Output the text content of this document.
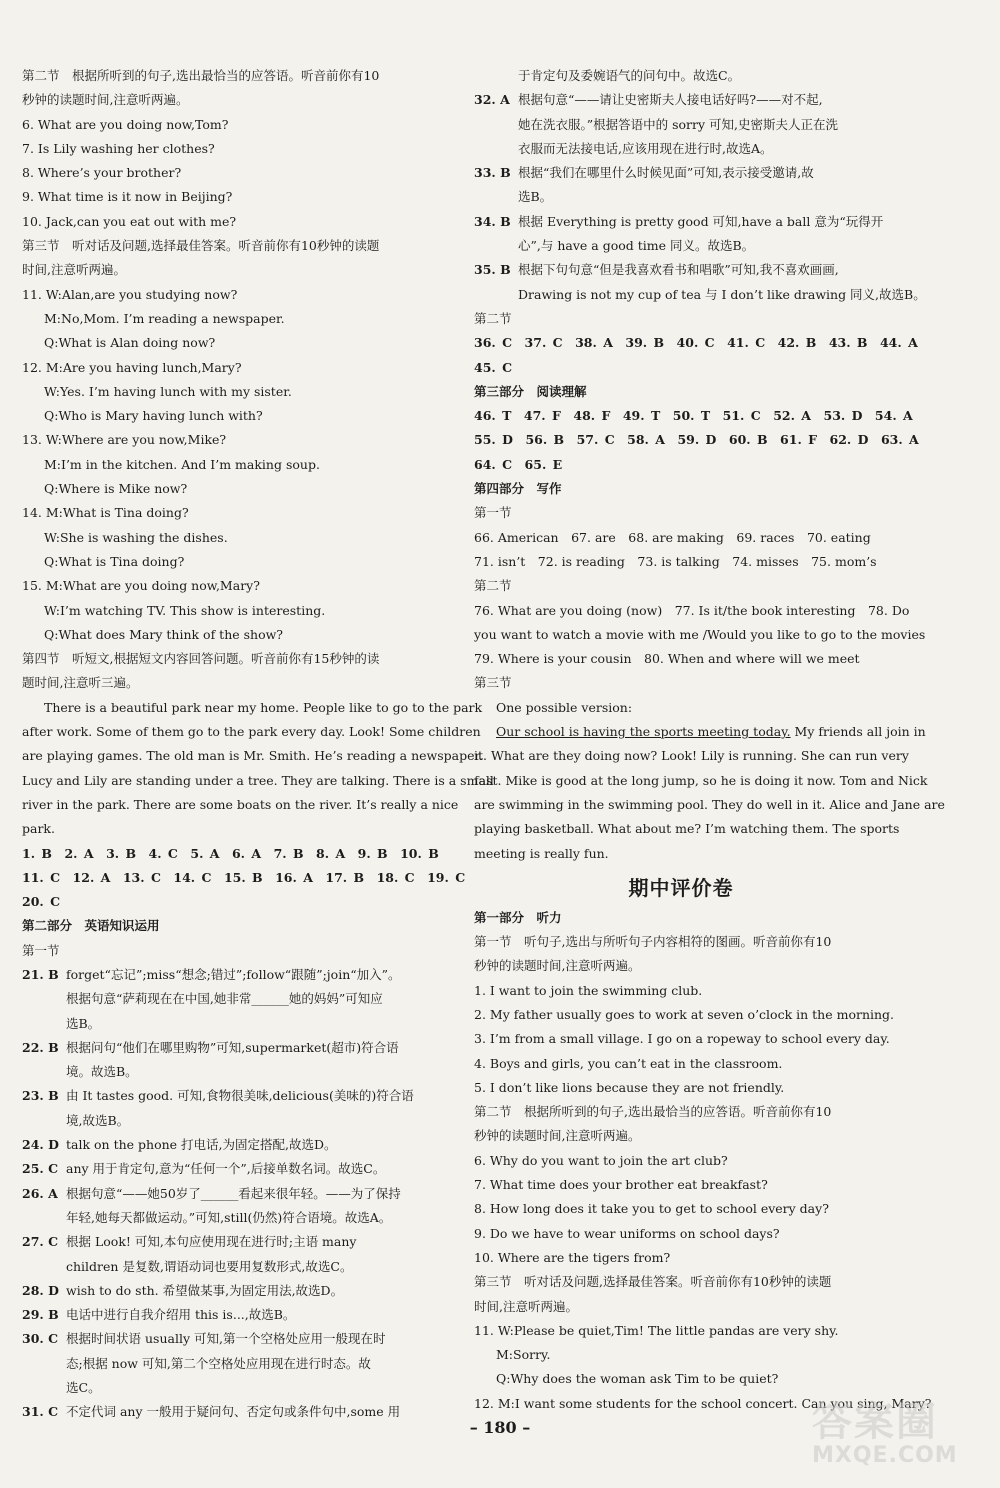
第二节　根据所听到的句子,选出最恰当的应答语。听音前你有10
秒钟的读题时间,注意听两遍。
6. What are you doing now,Tom?
7. Is Lily washing her clothes?
8. Where’s your brother?
9. What time is it now in Beijing?
10. Jack,can you eat out with me?
第三节　听对话及问题,选择最佳答案。听音前你有10秒钟的读题
时间,注意听两遍。
11. W:Alan,are you studying now?
M:No,Mom. I’m reading a newspaper.
Q:What is Alan doing now?
12. M:Are you having lunch,Mary?
W:Yes. I’m having lunch with my sister.
Q:Who is Mary having lunch with?
13. W:Where are you now,Mike?
M:I’m in the kitchen. And I’m making soup.
Q:Where is Mike now?
14. M:What is Tina doing?
W:She is washing the dishes.
Q:What is Tina doing?
15. M:What are you doing now,Mary?
W:I’m watching TV. This show is interesting.
Q:What does Mary think of the show?
第四节　听短文,根据短文内容回答问题。听音前你有15秒钟的读
题时间,注意听三遍。
There is a beautiful park near my home. People like to go to the park
after work. Some of them go to the park every day. Look! Some children
are playing games. The old man is Mr. Smith. He’s reading a newspaper.
Lucy and Lily are standing under a tree. They are talking. There is a small
river in the park. There are some boats on the river. It’s really a nice
park.
1. B　2. A　3. B　4. C　5. A　6. A　7. B　8. A　9. B　10. B
11. C　12. A　13. C　14. C　15. B　16. A　17. B　18. C　19. C
20. C
第二部分　英语知识运用
第一节
21. B forget“忘记”;miss“想念;错过”;follow“跟随”;join“加入”。
根据句意“萨莉现在在中国,她非常______她的妈妈”可知应
选B。
22. B 根据问句“他们在哪里购物”可知,supermarket(超市)符合语
境。故选B。
23. B 由 It tastes good. 可知,食物很美味,delicious(美味的)符合语
境,故选B。
24. D talk on the phone 打电话,为固定搭配,故选D。
25. C any 用于肯定句,意为“任何一个”,后接单数名词。故选C。
26. A 根据句意“——她50岁了______看起来很年轻。——为了保持
年轻,她每天都做运动。”可知,still(仍然)符合语境。故选A。
27. C 根据 Look! 可知,本句应使用现在进行时;主语 many
children 是复数,谓语动词也要用复数形式,故选C。
28. D wish to do sth. 希望做某事,为固定用法,故选D。
29. B 电话中进行自我介绍用 this is...,故选B。
30. C 根据时间状语 usually 可知,第一个空格处应用一般现在时
态;根据 now 可知,第二个空格处应用现在进行时态。故
选C。
31. C 不定代词 any 一般用于疑问句、否定句或条件句中,some 用
于肯定句及委婉语气的问句中。故选C。
32. A 根据句意“——请让史密斯夫人接电话好吗?——对不起,
她在洗衣服。”根据答语中的 sorry 可知,史密斯夫人正在洗
衣服而无法接电话,应该用现在进行时,故选A。
33. B 根据“我们在哪里什么时候见面”可知,表示接受邀请,故
选B。
34. B 根据 Everything is pretty good 可知,have a ball 意为“玩得开
心”,与 have a good time 同义。故选B。
35. B 根据下句句意“但是我喜欢看书和唱歌”可知,我不喜欢画画,
Drawing is not my cup of tea 与 I don’t like drawing 同义,故选B。
第二节
36. C　37. C　38. A　39. B　40. C　41. C　42. B　43. B　44. A
45. C
第三部分　阅读理解
46. T　47. F　48. F　49. T　50. T　51. C　52. A　53. D　54. A
55. D　56. B　57. C　58. A　59. D　60. B　61. F　62. D　63. A
64. C　65. E
第四部分　写作
第一节
66. American　67. are　68. are making　69. races　70. eating
71. isn’t　72. is reading　73. is talking　74. misses　75. mom’s
第二节
76. What are you doing (now)　77. Is it/the book interesting　78. Do
you want to watch a movie with me /Would you like to go to the movies
79. Where is your cousin　80. When and where will we meet
第三节
One possible version:
Our school is having the sports meeting today. My friends all join in
it. What are they doing now? Look! Lily is running. She can run very
fast. Mike is good at the long jump, so he is doing it now. Tom and Nick
are swimming in the swimming pool. They do well in it. Alice and Jane are
playing basketball. What about me? I’m watching them. The sports
meeting is really fun.
期中评价卷
第一部分　听力
第一节　听句子,选出与所听句子内容相符的图画。听音前你有10
秒钟的读题时间,注意听两遍。
1. I want to join the swimming club.
2. My father usually goes to work at seven o’clock in the morning.
3. I’m from a small village. I go on a ropeway to school every day.
4. Boys and girls, you can’t eat in the classroom.
5. I don’t like lions because they are not friendly.
第二节　根据所听到的句子,选出最恰当的应答语。听音前你有10
秒钟的读题时间,注意听两遍。
6. Why do you want to join the art club?
7. What time does your brother eat breakfast?
8. How long does it take you to get to school every day?
9. Do we have to wear uniforms on school days?
10. Where are the tigers from?
第三节　听对话及问题,选择最佳答案。听音前你有10秒钟的读题
时间,注意听两遍。
11. W:Please be quiet,Tim! The little pandas are very shy.
M:Sorry.
Q:Why does the woman ask Tim to be quiet?
12. M:I want some students for the school concert. Can you sing, Mary?
– 180 –	答案圈
MXQE.COM
